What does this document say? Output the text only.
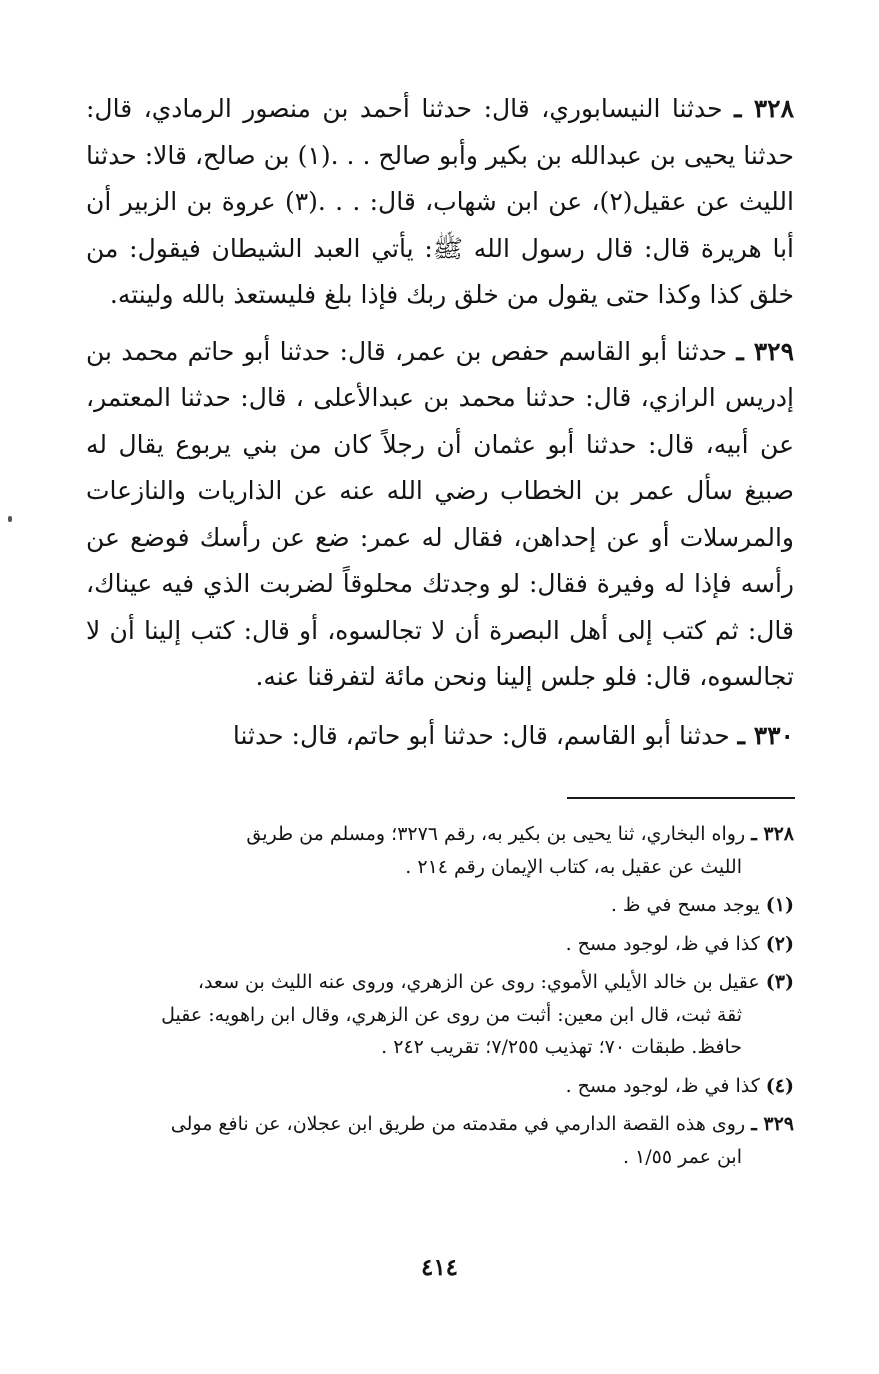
٣٢٨ ـ حدثنا النيسابوري، قال: حدثنا أحمد بن منصور الرمادي، قال: حدثنا يحيى بن عبدالله بن بكير وأبو صالح . . .(١) بن صالح، قالا: حدثنا الليث عن عقيل(٢)، عن ابن شهاب، قال: . . .(٣) عروة بن الزبير أن أبا هريرة قال: قال رسول الله ﷺ: يأتي العبد الشيطان فيقول: من خلق كذا وكذا حتى يقول من خلق ربك فإذا بلغ فليستعذ بالله ولينته.

٣٢٩ ـ حدثنا أبو القاسم حفص بن عمر، قال: حدثنا أبو حاتم محمد بن إدريس الرازي، قال: حدثنا محمد بن عبدالأعلى ، قال: حدثنا المعتمر، عن أبيه، قال: حدثنا أبو عثمان أن رجلاً كان من بني يربوع يقال له صبيغ سأل عمر بن الخطاب رضي الله عنه عن الذاريات والنازعات والمرسلات أو عن إحداهن، فقال له عمر: ضع عن رأسك فوضع عن رأسه فإذا له وفيرة فقال: لو وجدتك محلوقاً لضربت الذي فيه عيناك، قال: ثم كتب إلى أهل البصرة أن لا تجالسوه، أو قال: كتب إلينا أن لا تجالسوه، قال: فلو جلس إلينا ونحن مائة لتفرقنا عنه.

٣٣٠ ـ حدثنا أبو القاسم، قال: حدثنا أبو حاتم، قال: حدثنا

٣٢٨ ـ رواه البخاري، ثنا يحيى بن بكير به، رقم ٣٢٧٦؛ ومسلم من طريق
الليث عن عقيل به، كتاب الإيمان رقم ٢١٤ .

(١) يوجد مسح في ظ .

(٢) كذا في ظ، لوجود مسح .

(٣) عقيل بن خالد الأيلي الأموي: روى عن الزهري، وروى عنه الليث بن سعد،
ثقة ثبت، قال ابن معين: أثبت من روى عن الزهري، وقال ابن راهويه: عقيل
حافظ. طبقات ٧٠؛ تهذيب ٧/٢٥٥؛ تقريب ٢٤٢ .

(٤) كذا في ظ، لوجود مسح .

٣٢٩ ـ روى هذه القصة الدارمي في مقدمته من طريق ابن عجلان، عن نافع مولى
ابن عمر ١/٥٥ .

٤١٤
